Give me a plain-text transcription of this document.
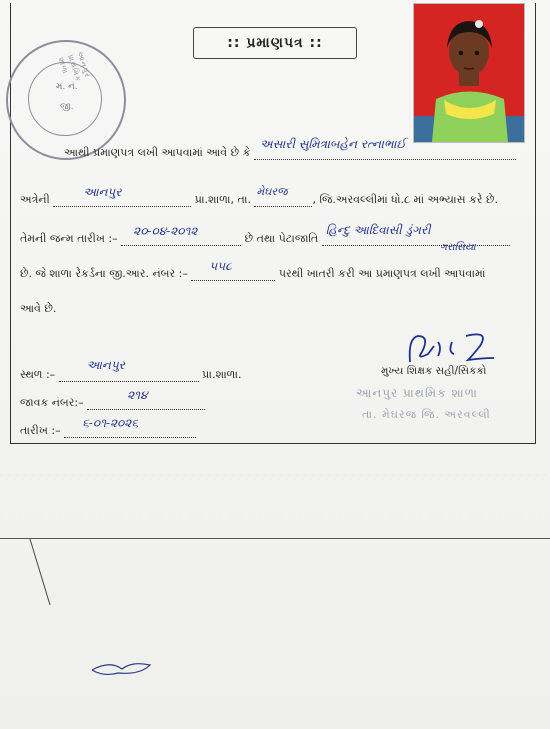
મ. નં.
જી.
આનપુર પ્રાથમિક શાળા
:: પ્રમાણપત્ર ::
આથી પ્રમાણપત્ર લખી આપવામાં આવે છે કે
અસારી સુમિત્રાબહેન રત્નાભાઈ

અત્રેની
આનપુર
પ્રા.શાળા, તા.
મેઘરજ
, જિ.અરવલ્લીમાં ધો.૮ માં અભ્યાસ કરે છે.
તેમની જન્મ તારીખ :–
૨૦-૦૪-૨૦૧૨
છે તથા પેટાજાતિ
હિન્દુ આદિવાસી ડુંગરી
ગરાસિયા

છે. જે શાળા રેકર્ડના જી.આર. નંબર :–
૫૫૮
પરથી ખાતરી કરી આ પ્રમાણપત્ર લખી આપવામાં
આવે છે.
મુખ્ય શિક્ષક સહી/સિકકો
આનપુર પ્રાથમિક શાળા
તા. મેઘરજ જિ. અરવલ્લી
સ્થળ :–
આનપુર
પ્રા.શાળા.
જાવક નંબર:–
૨૧૪

તારીખ :–
૬-૦૧-૨૦૨૬
